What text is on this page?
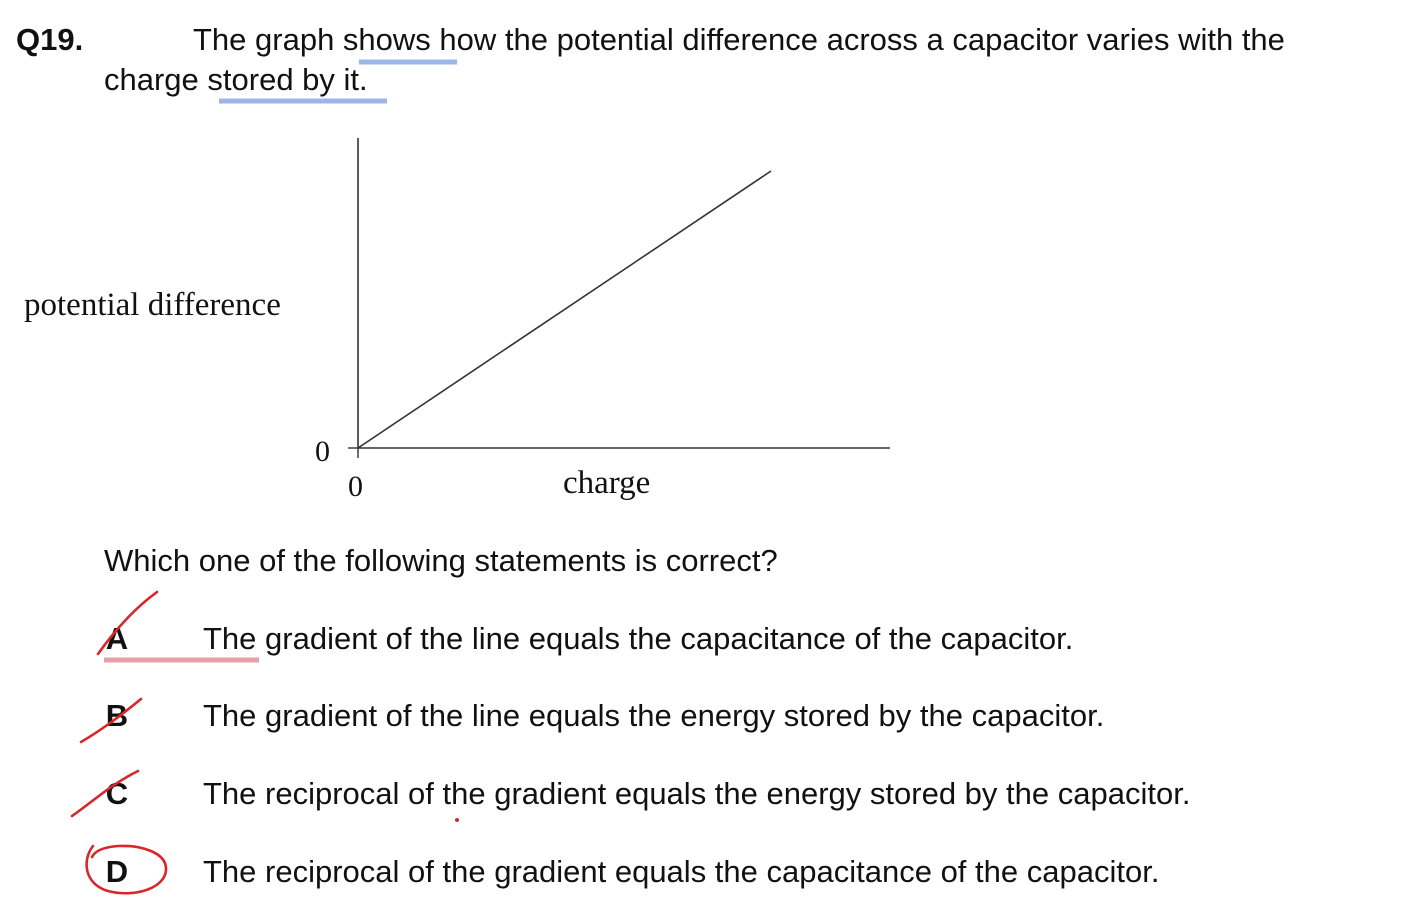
Q19.	The graph shows how the potential difference across a capacitor varies with the
charge stored by it.
potential difference
charge
0
0
Which one of the following statements is correct?
A The gradient of the line equals the capacitance of the capacitor.
B The gradient of the line equals the energy stored by the capacitor.
C The reciprocal of the gradient equals the energy stored by the capacitor.
D The reciprocal of the gradient equals the capacitance of the capacitor.
